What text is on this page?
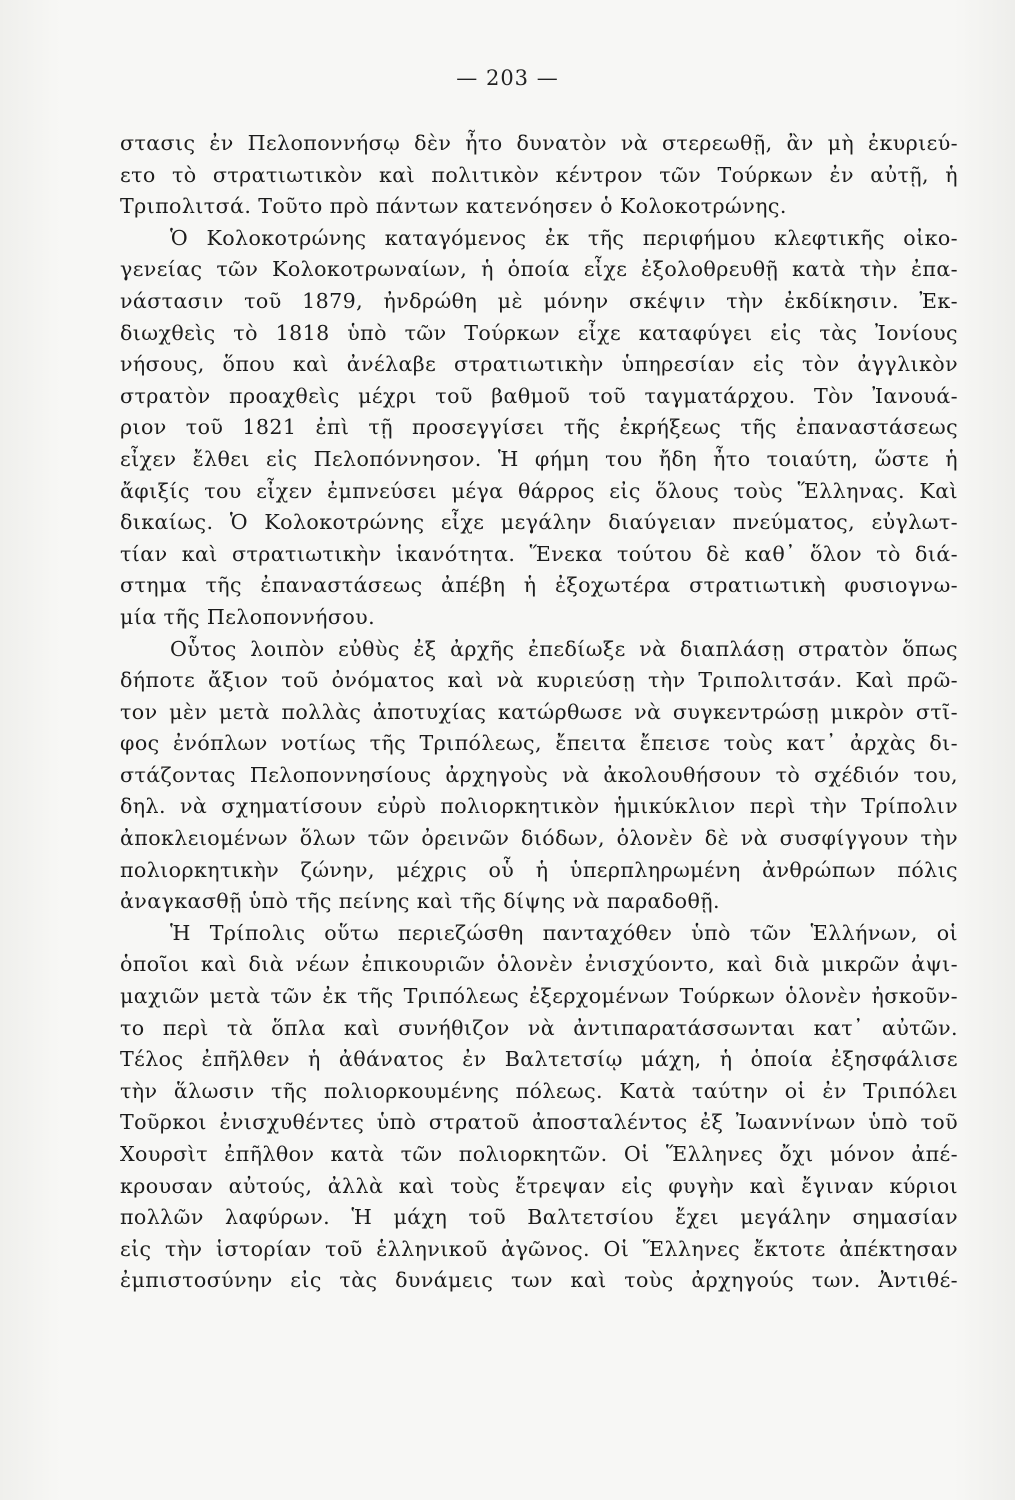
— 203 —
στασις ἐν Πελοποννήσῳ δὲν ἦτο δυνατὸν νὰ στερεωθῇ, ἂν μὴ ἐκυριεύ-
ετο τὸ στρατιωτικὸν καὶ πολιτικὸν κέντρον τῶν Τούρκων ἐν αὐτῇ, ἡ
Τριπολιτσά. Τοῦτο πρὸ πάντων κατενόησεν ὁ Κολοκοτρώνης.
Ὁ Κολοκοτρώνης καταγόμενος ἐκ τῆς περιφήμου κλεφτικῆς οἰκο-
γενείας τῶν Κολοκοτρωναίων, ἡ ὁποία εἶχε ἐξολοθρευθῇ κατὰ τὴν ἐπα-
νάστασιν τοῦ 1879, ἠνδρώθη μὲ μόνην σκέψιν τὴν ἐκδίκησιν. Ἐκ-
διωχθεὶς τὸ 1818 ὑπὸ τῶν Τούρκων εἶχε καταφύγει εἰς τὰς Ἰονίους
νήσους, ὅπου καὶ ἀνέλαβε στρατιωτικὴν ὑπηρεσίαν εἰς τὸν ἀγγλικὸν
στρατὸν προαχθεὶς μέχρι τοῦ βαθμοῦ τοῦ ταγματάρχου. Τὸν Ἰανουά-
ριον τοῦ 1821 ἐπὶ τῇ προσεγγίσει τῆς ἐκρήξεως τῆς ἐπαναστάσεως
εἶχεν ἔλθει εἰς Πελοπόννησον. Ἡ φήμη του ἤδη ἦτο τοιαύτη, ὥστε ἡ
ἄφιξίς του εἶχεν ἐμπνεύσει μέγα θάρρος εἰς ὅλους τοὺς Ἕλληνας. Καὶ
δικαίως. Ὁ Κολοκοτρώνης εἶχε μεγάλην διαύγειαν πνεύματος, εὐγλωτ-
τίαν καὶ στρατιωτικὴν ἱκανότητα. Ἕνεκα τούτου δὲ καθ᾽ ὅλον τὸ διά-
στημα τῆς ἐπαναστάσεως ἀπέβη ἡ ἐξοχωτέρα στρατιωτικὴ φυσιογνω-
μία τῆς Πελοποννήσου.
Οὗτος λοιπὸν εὐθὺς ἐξ ἀρχῆς ἐπεδίωξε νὰ διαπλάσῃ στρατὸν ὅπως
δήποτε ἄξιον τοῦ ὀνόματος καὶ νὰ κυριεύσῃ τὴν Τριπολιτσάν. Καὶ πρῶ-
τον μὲν μετὰ πολλὰς ἀποτυχίας κατώρθωσε νὰ συγκεντρώσῃ μικρὸν στῖ-
φος ἐνόπλων νοτίως τῆς Τριπόλεως, ἔπειτα ἔπεισε τοὺς κατ᾽ ἀρχὰς δι-
στάζοντας Πελοποννησίους ἀρχηγοὺς νὰ ἀκολουθήσουν τὸ σχέδιόν του,
δηλ. νὰ σχηματίσουν εὐρὺ πολιορκητικὸν ἡμικύκλιον περὶ τὴν Τρίπολιν
ἀποκλειομένων ὅλων τῶν ὀρεινῶν διόδων, ὁλονὲν δὲ νὰ συσφίγγουν τὴν
πολιορκητικὴν ζώνην, μέχρις οὗ ἡ ὑπερπληρωμένη ἀνθρώπων πόλις
ἀναγκασθῇ ὑπὸ τῆς πείνης καὶ τῆς δίψης νὰ παραδοθῇ.
Ἡ Τρίπολις οὕτω περιεζώσθη πανταχόθεν ὑπὸ τῶν Ἑλλήνων, οἱ
ὁποῖοι καὶ διὰ νέων ἐπικουριῶν ὁλονὲν ἐνισχύοντο, καὶ διὰ μικρῶν ἀψι-
μαχιῶν μετὰ τῶν ἐκ τῆς Τριπόλεως ἐξερχομένων Τούρκων ὁλονὲν ἠσκοῦν-
το περὶ τὰ ὅπλα καὶ συνήθιζον νὰ ἀντιπαρατάσσωνται κατ᾽ αὐτῶν.
Τέλος ἐπῆλθεν ἡ ἀθάνατος ἐν Βαλτετσίῳ μάχη, ἡ ὁποία ἐξησφάλισε
τὴν ἅλωσιν τῆς πολιορκουμένης πόλεως. Κατὰ ταύτην οἱ ἐν Τριπόλει
Τοῦρκοι ἐνισχυθέντες ὑπὸ στρατοῦ ἀποσταλέντος ἐξ Ἰωαννίνων ὑπὸ τοῦ
Χουρσὶτ ἐπῆλθον κατὰ τῶν πολιορκητῶν. Οἱ Ἕλληνες ὄχι μόνον ἀπέ-
κρουσαν αὐτούς, ἀλλὰ καὶ τοὺς ἔτρεψαν εἰς φυγὴν καὶ ἔγιναν κύριοι
πολλῶν λαφύρων. Ἡ μάχη τοῦ Βαλτετσίου ἔχει μεγάλην σημασίαν
εἰς τὴν ἱστορίαν τοῦ ἑλληνικοῦ ἀγῶνος. Οἱ Ἕλληνες ἔκτοτε ἀπέκτησαν
ἐμπιστοσύνην εἰς τὰς δυνάμεις των καὶ τοὺς ἀρχηγούς των. Ἀντιθέ-
